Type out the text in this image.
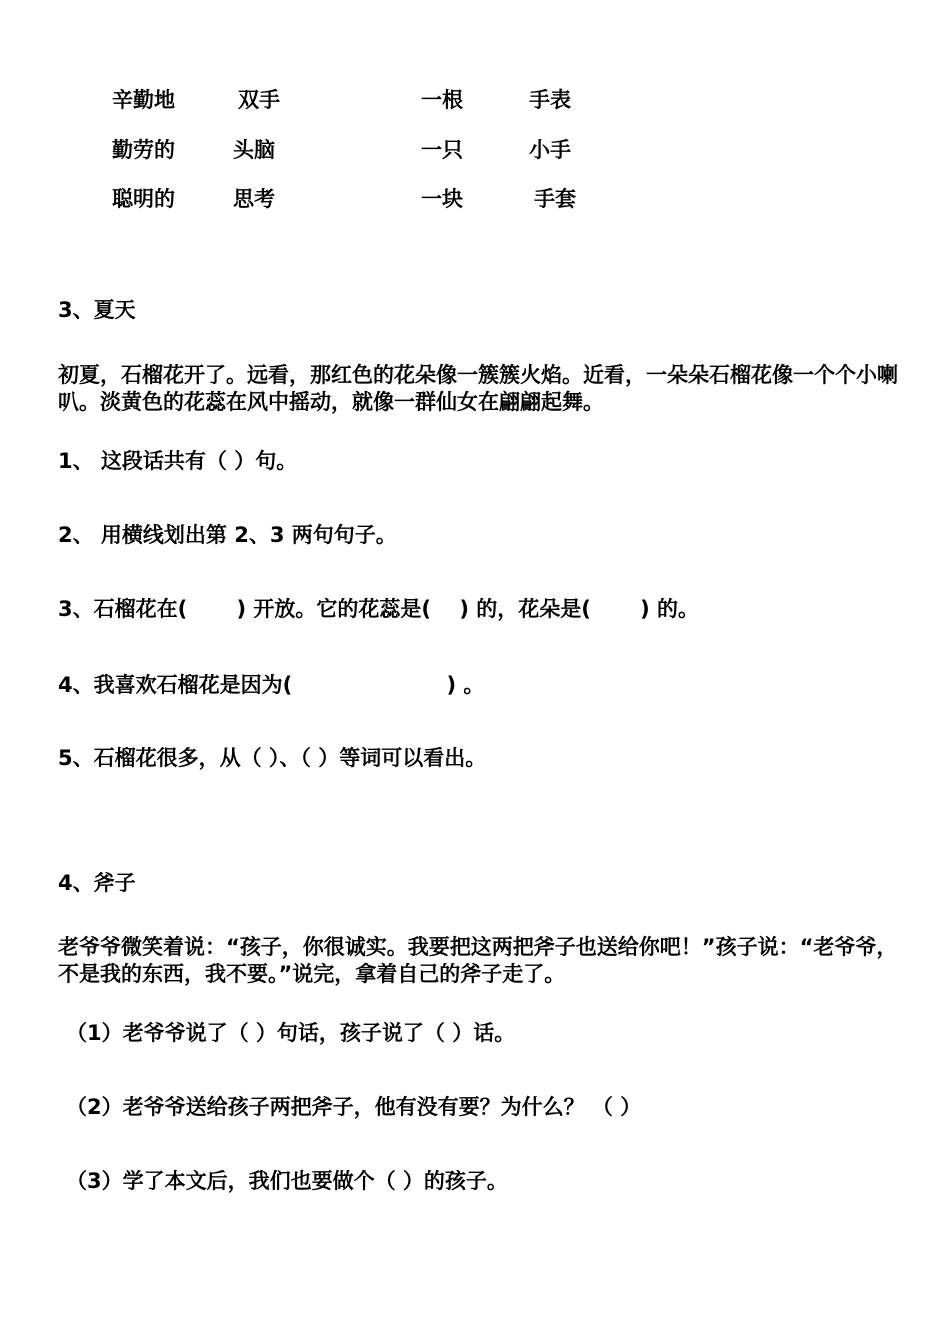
辛勤地	双手	一根	手表
勤劳的	头脑	一只	小手
聪明的	思考	一块	手套
3、夏天
初夏，石榴花开了。远看，那红色的花朵像一簇簇火焰。近看，一朵朵石榴花像一个个小喇叭。淡黄色的花蕊在风中摇动，就像一群仙女在翩翩起舞。
1、 这段话共有（ ）句。
2、 用横线划出第 2、3 两句句子。
3、石榴花在(　　 ) 开放。它的花蕊是(　 ) 的，花朵是(　　 ) 的。
4、我喜欢石榴花是因为(　　　　　　　 ) 。
5、石榴花很多，从（ ）、（ ）等词可以看出。
4、斧子
老爷爷微笑着说：“孩子，你很诚实。我要把这两把斧子也送给你吧！”孩子说：“老爷爷，不是我的东西，我不要。”说完，拿着自己的斧子走了。
（1）老爷爷说了（ ）句话，孩子说了（ ）话。
（2）老爷爷送给孩子两把斧子，他有没有要？为什么？ （ ）
（3）学了本文后，我们也要做个（ ）的孩子。
